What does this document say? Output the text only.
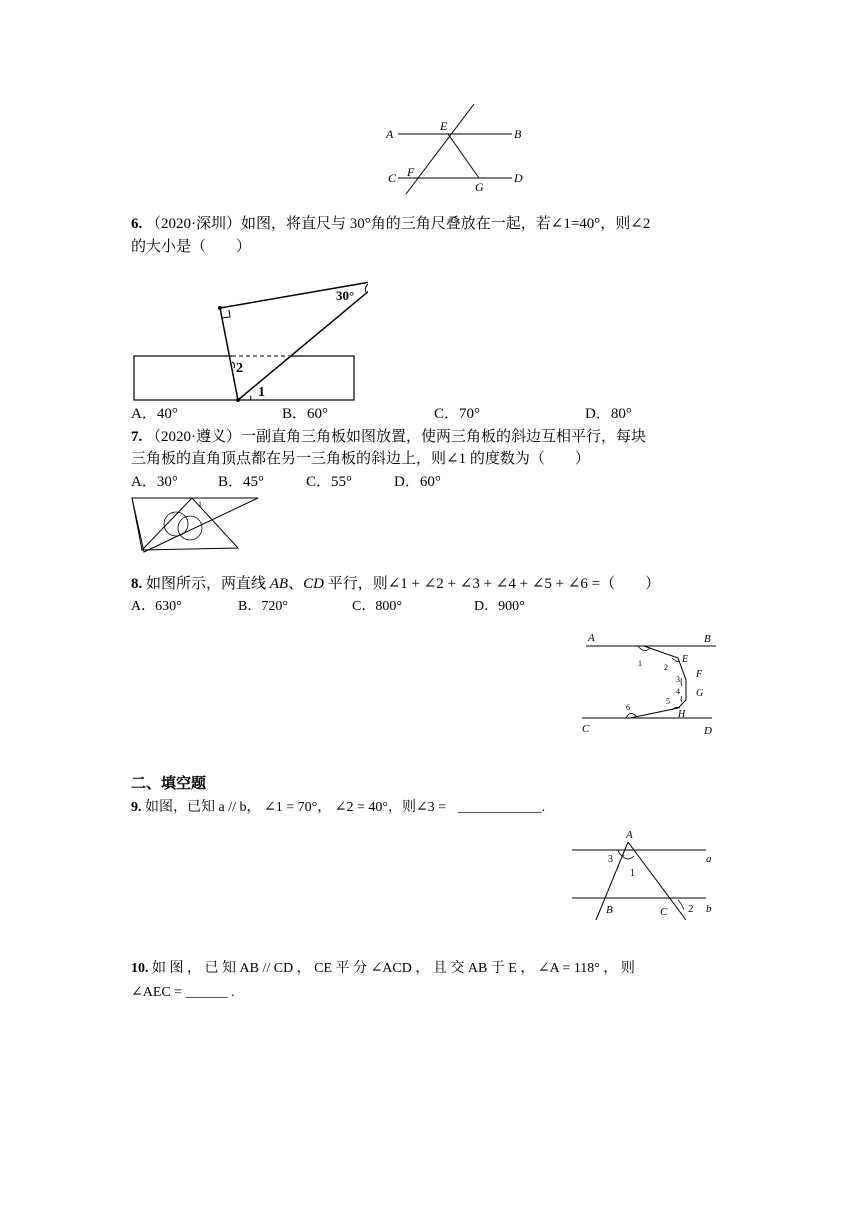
A	B
E
C F
G
D
6. （2020·深圳）如图，将直尺与 30°角的三角尺叠放在一起，若∠1=40°，则∠2
的大小是（　　）
30°
2
1
A．40°	B．60°	C．70°	D．80°
7. （2020·遵义）一副直角三角板如图放置，使两三角板的斜边互相平行，每块
三角板的直角顶点都在另一三角板的斜边上，则∠1 的度数为（　　）
A．30°	B．45°	C．55°	D．60°
1
8. 如图所示，两直线 AB、CD 平行，则∠1 + ∠2 + ∠3 + ∠4 + ∠5 + ∠6 =（　　）
A．630°	B．720°	C．800°	D．900°
A	B
C	D
E
F
G
H
1	2
3
4
5
6
二、填空题
9. 如图，已知 a // b， ∠1 = 70°， ∠2 = 40°，则∠3 = ____________.
A
B	C
a
b
1
2
3
10. 如 图 ， 已 知 AB // CD ， CE 平 分 ∠ACD ， 且 交 AB 于 E ， ∠A = 118° ， 则
∠AEC = ______ .
